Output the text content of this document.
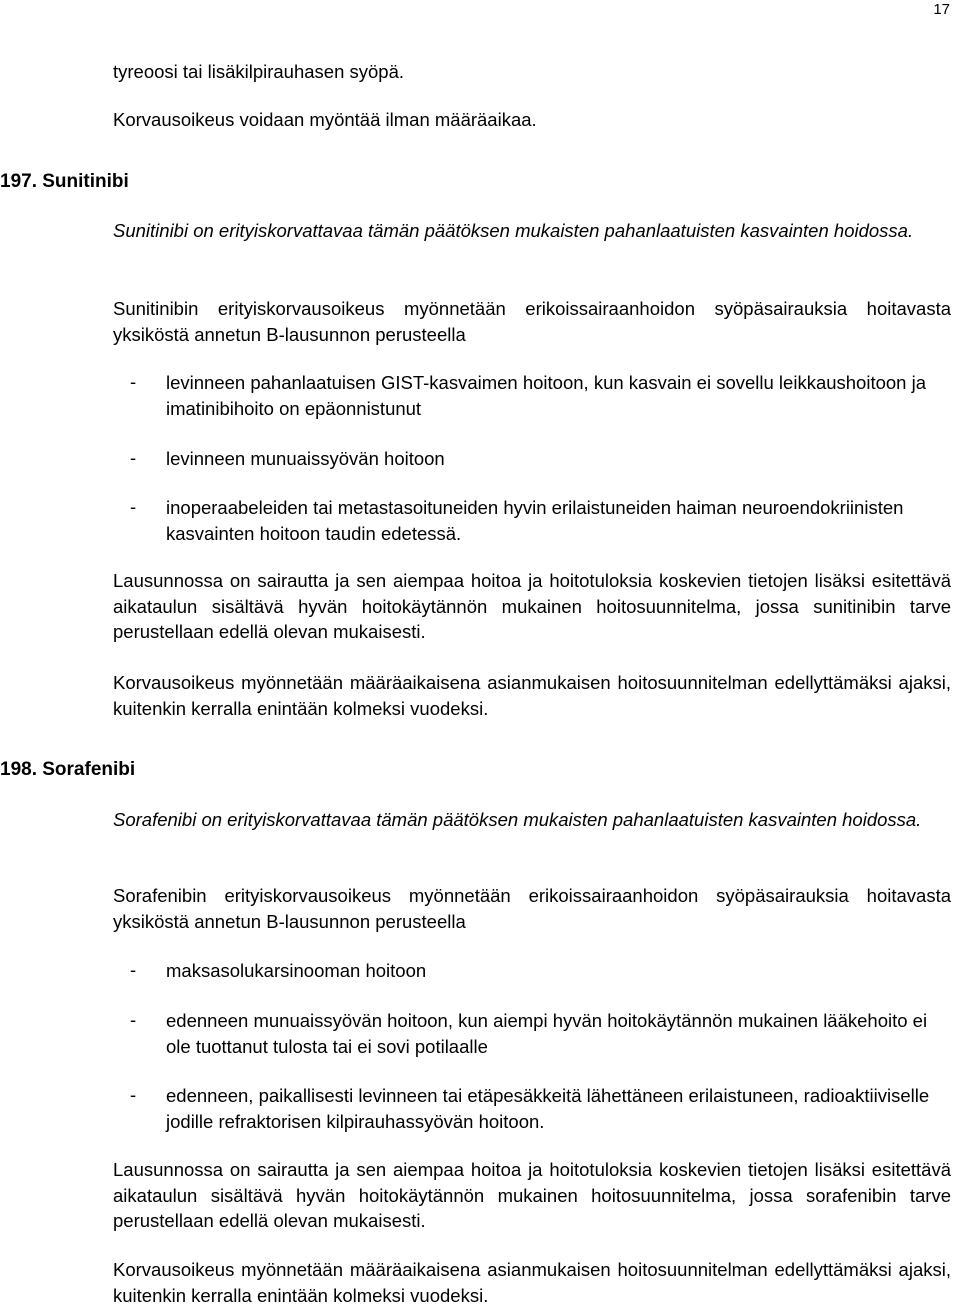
17
tyreoosi tai lisäkilpirauhasen syöpä.
Korvausoikeus voidaan myöntää ilman määräaikaa.
197. Sunitinibi
Sunitinibi on erityiskorvattavaa tämän päätöksen mukaisten pahanlaatuisten kasvainten hoidossa.
Sunitinibin erityiskorvausoikeus myönnetään erikoissairaanhoidon syöpäsairauksia hoitavasta yksiköstä annetun B-lausunnon perusteella
- levinneen pahanlaatuisen GIST-kasvaimen hoitoon, kun kasvain ei sovellu leikkaushoitoon ja imatinibihoito on epäonnistunut
- levinneen munuaissyövän hoitoon
- inoperaabeleiden tai metastasoituneiden hyvin erilaistuneiden haiman neuroendokriinisten kasvainten hoitoon taudin edetessä.
Lausunnossa on sairautta ja sen aiempaa hoitoa ja hoitotuloksia koskevien tietojen lisäksi esitettävä aikataulun sisältävä hyvän hoitokäytännön mukainen hoitosuunnitelma, jossa sunitinibin tarve perustellaan edellä olevan mukaisesti.
Korvausoikeus myönnetään määräaikaisena asianmukaisen hoitosuunnitelman edellyttämäksi ajaksi, kuitenkin kerralla enintään kolmeksi vuodeksi.
198. Sorafenibi
Sorafenibi on erityiskorvattavaa tämän päätöksen mukaisten pahanlaatuisten kasvainten hoidossa.
Sorafenibin erityiskorvausoikeus myönnetään erikoissairaanhoidon syöpäsairauksia hoitavasta yksiköstä annetun B-lausunnon perusteella
- maksasolukarsinooman hoitoon
- edenneen munuaissyövän hoitoon, kun aiempi hyvän hoitokäytännön mukainen lääkehoito ei ole tuottanut tulosta tai ei sovi potilaalle
- edenneen, paikallisesti levinneen tai etäpesäkkeitä lähettäneen erilaistuneen, radioaktiiviselle jodille refraktorisen kilpirauhassyövän hoitoon.
Lausunnossa on sairautta ja sen aiempaa hoitoa ja hoitotuloksia koskevien tietojen lisäksi esitettävä aikataulun sisältävä hyvän hoitokäytännön mukainen hoitosuunnitelma, jossa sorafenibin tarve perustellaan edellä olevan mukaisesti.
Korvausoikeus myönnetään määräaikaisena asianmukaisen hoitosuunnitelman edellyttämäksi ajaksi, kuitenkin kerralla enintään kolmeksi vuodeksi.
